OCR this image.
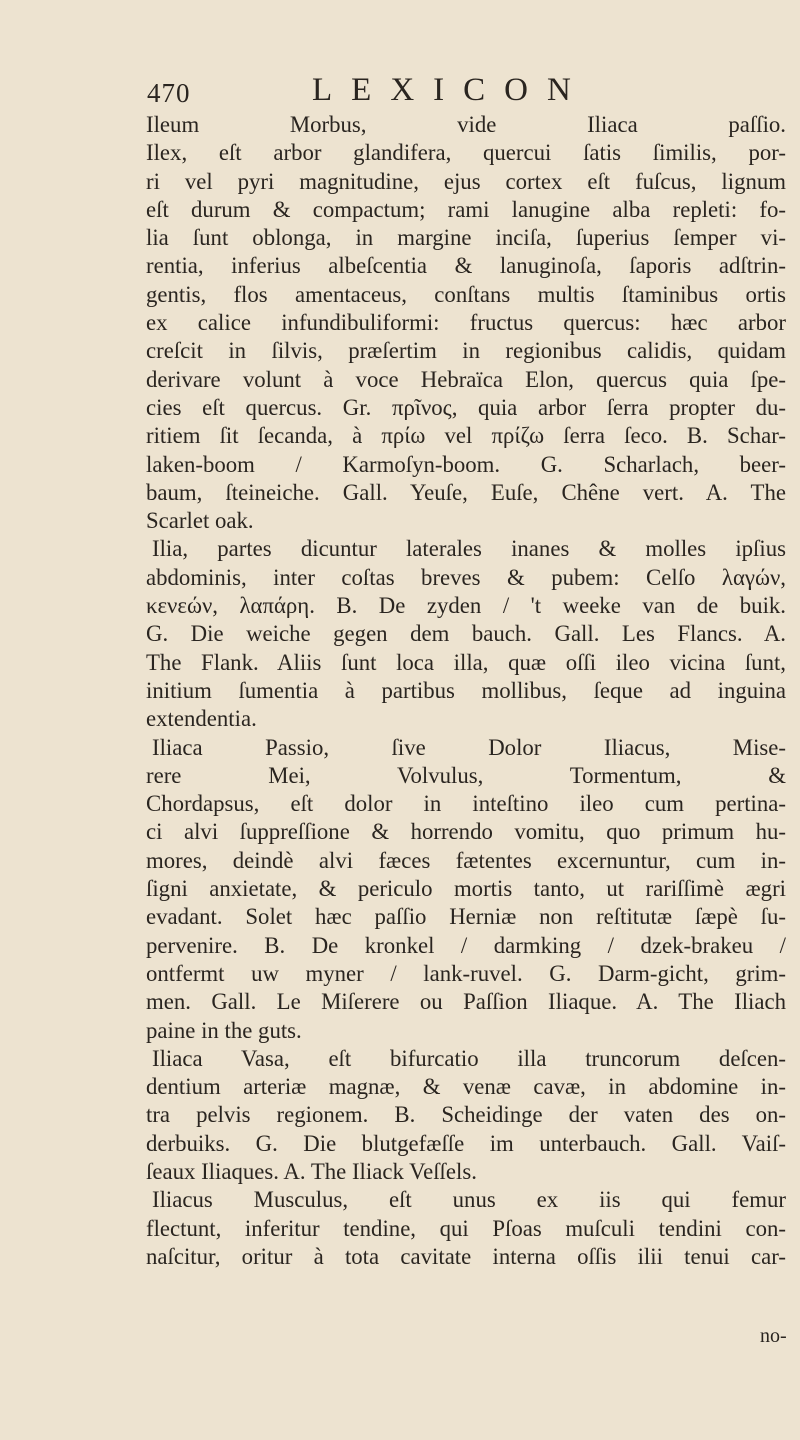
470	LEXICON
Ileum Morbus, vide Iliaca paſſio.
Ilex, eſt arbor glandifera, quercui ſatis ſimilis, por-
ri vel pyri magnitudine, ejus cortex eſt fuſcus, lignum
eſt durum & compactum; rami lanugine alba repleti: fo-
lia ſunt oblonga, in margine inciſa, ſuperius ſemper vi-
rentia, inferius albeſcentia & lanuginoſa, ſaporis adſtrin-
gentis, flos amentaceus, conſtans multis ſtaminibus ortis
ex calice infundibuliformi: fructus quercus: hæc arbor
creſcit in ſilvis, præſertim in regionibus calidis, quidam
derivare volunt à voce Hebraïca Elon, quercus quia ſpe-
cies eſt quercus. Gr. πρῖνος, quia arbor ſerra propter du-
ritiem ſit ſecanda, à πρίω vel πρίζω ſerra ſeco. B. Schar-
laken-boom / Karmoſyn-boom. G. Scharlach, beer-
baum, ſteineiche. Gall. Yeuſe, Euſe, Chêne vert. A. The
Scarlet oak.
Ilia, partes dicuntur laterales inanes & molles ipſius
abdominis, inter coſtas breves & pubem: Celſo λαγών,
κενεών, λαπάρη. B. De zyden / 't weeke van de buik.
G. Die weiche gegen dem bauch. Gall. Les Flancs. A.
The Flank. Aliis ſunt loca illa, quæ oſſi ileo vicina ſunt,
initium ſumentia à partibus mollibus, ſeque ad inguina
extendentia.
Iliaca Passio, ſive Dolor Iliacus, Mise-
rere Mei, Volvulus, Tormentum, &
Chordapsus, eſt dolor in inteſtino ileo cum pertina-
ci alvi ſuppreſſione & horrendo vomitu, quo primum hu-
mores, deindè alvi fæces fætentes excernuntur, cum in-
ſigni anxietate, & periculo mortis tanto, ut rariſſimè ægri
evadant. Solet hæc paſſio Herniæ non reſtitutæ ſæpè ſu-
pervenire. B. De kronkel / darmking / dzek-brakeu /
ontfermt uw myner / lank-ruvel. G. Darm-gicht, grim-
men. Gall. Le Miſerere ou Paſſion Iliaque. A. The Iliach
paine in the guts.
Iliaca Vasa, eſt bifurcatio illa truncorum deſcen-
dentium arteriæ magnæ, & venæ cavæ, in abdomine in-
tra pelvis regionem. B. Scheidinge der vaten des on-
derbuiks. G. Die blutgefæſſe im unterbauch. Gall. Vaiſ-
ſeaux Iliaques. A. The Iliack Veſſels.
Iliacus Musculus, eſt unus ex iis qui femur
flectunt, inferitur tendine, qui Pſoas muſculi tendini con-
naſcitur, oritur à tota cavitate interna oſſis ilii tenui car-
no-
